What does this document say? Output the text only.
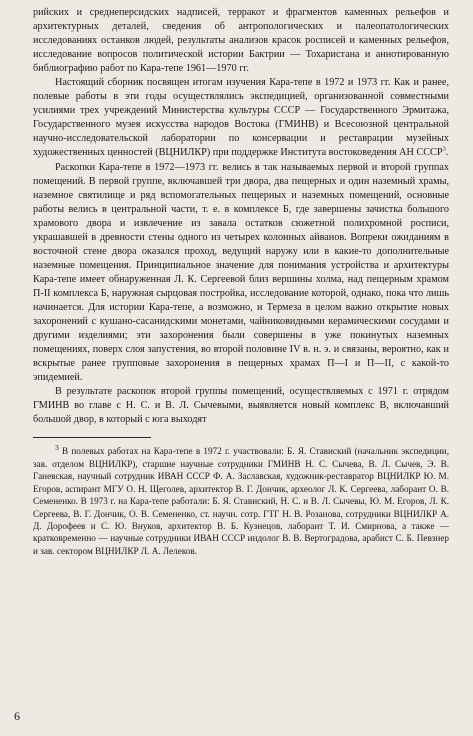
рийских и среднеперсидских надписей, терракот и фрагментов каменных рельефов и архитектурных деталей, сведения об антропологических и палеопатологических исследованиях останков людей, результаты анализов красок росписей и каменных рельефов, исследование вопросов политической истории Бактрии — Тохаристана и аннотированную библиографию работ по Кара-тепе 1961—1970 гг.

Настоящий сборник посвящен итогам изучения Кара-тепе в 1972 и 1973 гг. Как и ранее, полевые работы в эти годы осуществлялись экспедицией, организованной совместными усилиями трех учреждений Министерства культуры СССР — Государственного Эрмитажа, Государственного музея искусства народов Востока (ГМИНВ) и Всесоюзной центральной научно-исследовательской лаборатории по консервации и реставрации музейных художественных ценностей (ВЦНИЛКР) при поддержке Института востоковедения АН СССР$^3$.

Раскопки Кара-тепе в 1972—1973 гг. велись в так называемых первой и второй группах помещений. В первой группе, включавшей три двора, два пещерных и один наземный храмы, наземное святилище и ряд вспомогательных пещерных и наземных помещений, основные работы велись в центральной части, т. е. в комплексе Б, где завершены зачистка большого храмового двора и извлечение из завала остатков сюжетной полихромной росписи, украшавшей в древности стены одного из четырех колонных айванов. Вопреки ожиданиям в восточной стене двора оказался проход, ведущий наружу или в какие-то дополнительные наземные помещения. Принципиальное значение для понимания устройства и архитектуры Кара-тепе имеет обнаруженная Л. К. Сергеевой близ вершины холма, над пещерным храмом П-II комплекса Б, наружная сырцовая постройка, исследование которой, однако, пока что лишь начинается. Для истории Кара-тепе, а возможно, и Термеза в целом важно открытие новых захоронений с кушано-сасанидскими монетами, чайниковидными керамическими сосудами и другими изделиями; эти захоронения были совершены в уже покинутых наземных помещениях, поверх слоя запустения, во второй половине IV в. н. э. и связаны, вероятно, как и вскрытые ранее групповые захоронения в пещерных храмах П—I и П—II, с какой-то эпидемией.

В результате раскопок второй группы помещений, осуществляемых с 1971 г. отрядом ГМИНВ во главе с Н. С. и В. Л. Сычевыми, выявляется новый комплекс В, включавший большой двор, в который с юга выходят

$^3$ В полевых работах на Кара-тепе в 1972 г. участвовали: Б. Я. Ставиский (начальник экспедиции, зав. отделом ВЦНИЛКР), старшие научные сотрудники ГМИНВ Н. С. Сычева, В. Л. Сычев, Э. В. Ганевская, научный сотрудник ИВАН СССР Ф. А. Заславская, художник-реставратор ВЦНИЛКР Ю. М. Егоров, аспирант МГУ О. Н. Щеголев, архитектор В. Г. Дончик, археолог Л. К. Сергеева, лаборант О. В. Семененко. В 1973 г. на Кара-тепе работали: Б. Я. Ставиский, Н. С. и В. Л. Сычевы, Ю. М. Егоров, Л. К. Сергеева, В. Г. Дончик, О. В. Семененко, ст. научн. сотр. ГТГ Н. В. Розанова, сотрудники ВЦНИЛКР А. Д. Дорофеев и С. Ю. Внуков, архитектор В. Б. Кузнецов, лаборант Т. И. Смирнова, а также — кратковременно — научные сотрудники ИВАН СССР индолог В. В. Вертоградова, арабист С. Б. Певзнер и зав. сектором ВЦНИЛКР Л. А. Лелеков.

6
